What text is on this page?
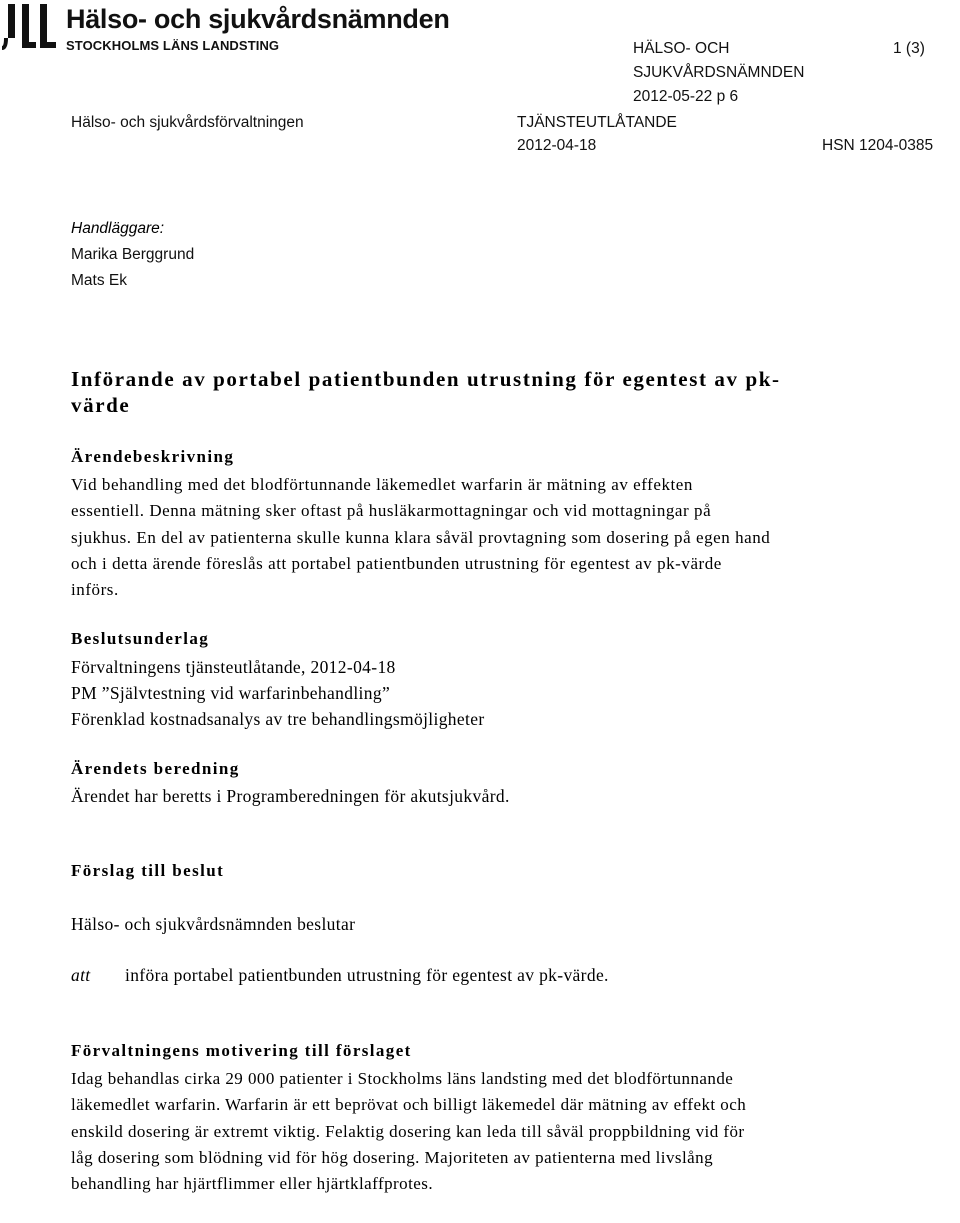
Hälso- och sjukvårdsnämnden
STOCKHOLMS LÄNS LANDSTING	HÄLSO- OCH
SJUKVÅRDSNÄMNDEN
2012-05-22 p 6
1 (3)
Hälso- och sjukvårdsförvaltningen	TJÄNSTEUTLÅTANDE
2012-04-18	HSN 1204-0385
Handläggare:
Marika Berggrund
Mats Ek
Införande av portabel patientbunden utrustning för egentest av pk-värde
Ärendebeskrivning
Vid behandling med det blodförtunnande läkemedlet warfarin är mätning av effekten essentiell. Denna mätning sker oftast på husläkarmottagningar och vid mottagningar på sjukhus. En del av patienterna skulle kunna klara såväl provtagning som dosering på egen hand och i detta ärende föreslås att portabel patientbunden utrustning för egentest av pk-värde införs.
Beslutsunderlag
Förvaltningens tjänsteutlåtande, 2012-04-18
PM ”Självtestning vid warfarinbehandling”
Förenklad kostnadsanalys av tre behandlingsmöjligheter
Ärendets beredning
Ärendet har beretts i Programberedningen för akutsjukvård.
Förslag till beslut
Hälso- och sjukvårdsnämnden beslutar
att införa portabel patientbunden utrustning för egentest av pk-värde.
Förvaltningens motivering till förslaget
Idag behandlas cirka 29 000 patienter i Stockholms läns landsting med det blodförtunnande läkemedlet warfarin. Warfarin är ett beprövat och billigt läkemedel där mätning av effekt och enskild dosering är extremt viktig. Felaktig dosering kan leda till såväl proppbildning vid för låg dosering som blödning vid för hög dosering. Majoriteten av patienterna med livslång behandling har hjärtflimmer eller hjärtklaffprotes.
